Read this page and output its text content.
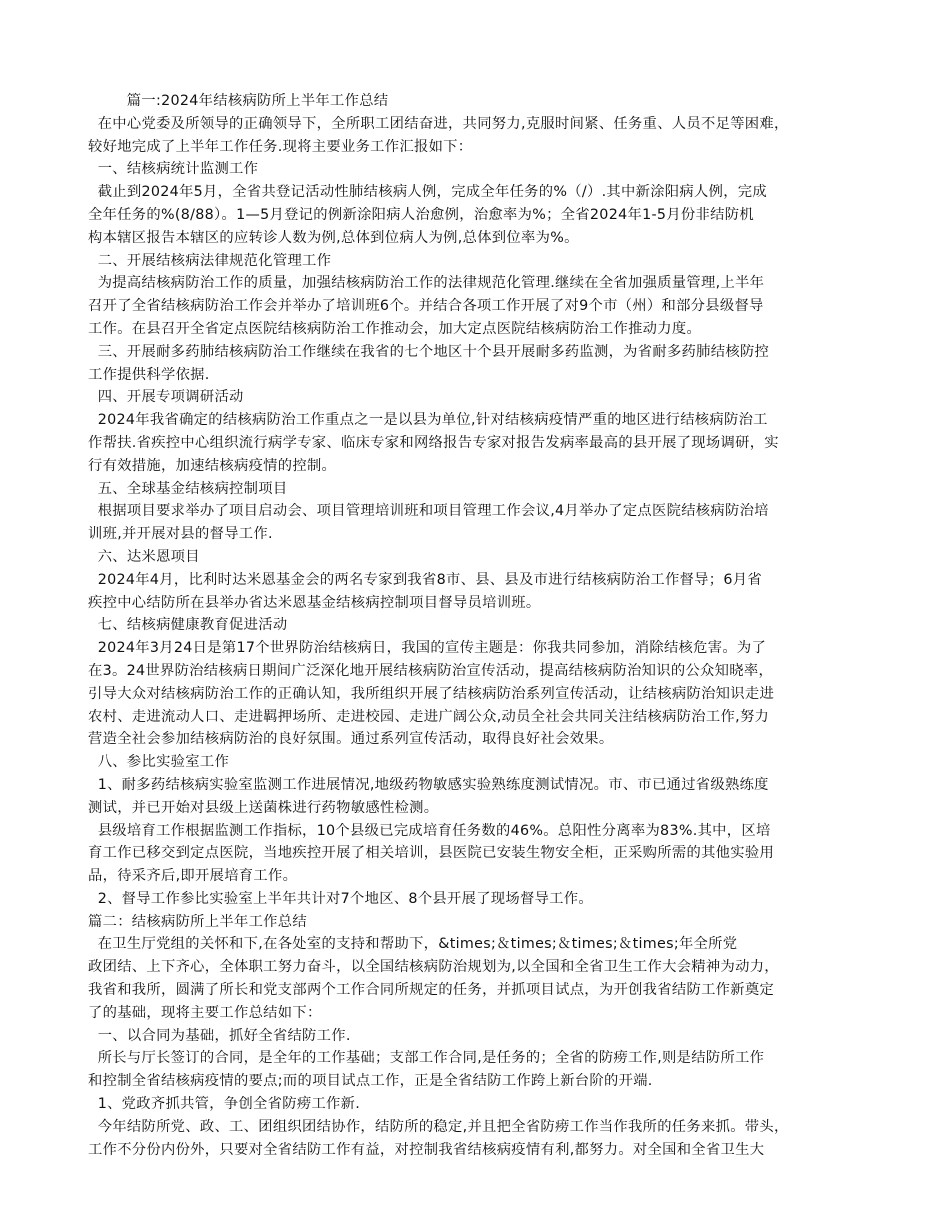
篇一:2024年结核病防所上半年工作总结
在中心党委及所领导的正确领导下，全所职工团结奋进，共同努力,克服时间紧、任务重、人员不足等困难，
较好地完成了上半年工作任务.现将主要业务工作汇报如下：
一、结核病统计监测工作
截止到2024年5月，全省共登记活动性肺结核病人例，完成全年任务的%（/）.其中新涂阳病人例，完成
全年任务的%(8/88）。1—5月登记的例新涂阳病人治愈例，治愈率为%；全省2024年1-5月份非结防机
构本辖区报告本辖区的应转诊人数为例,总体到位病人为例,总体到位率为%。
二、开展结核病法律规范化管理工作
为提高结核病防治工作的质量，加强结核病防治工作的法律规范化管理.继续在全省加强质量管理,上半年
召开了全省结核病防治工作会并举办了培训班6个。并结合各项工作开展了对9个市（州）和部分县级督导
工作。在县召开全省定点医院结核病防治工作推动会，加大定点医院结核病防治工作推动力度。
三、开展耐多药肺结核病防治工作继续在我省的七个地区十个县开展耐多药监测，为省耐多药肺结核防控
工作提供科学依据.
四、开展专项调研活动
2024年我省确定的结核病防治工作重点之一是以县为单位,针对结核病疫情严重的地区进行结核病防治工
作帮扶.省疾控中心组织流行病学专家、临床专家和网络报告专家对报告发病率最高的县开展了现场调研，实
行有效措施，加速结核病疫情的控制。
五、全球基金结核病控制项目
根据项目要求举办了项目启动会、项目管理培训班和项目管理工作会议,4月举办了定点医院结核病防治培
训班,并开展对县的督导工作.
六、达米恩项目
2024年4月，比利时达米恩基金会的两名专家到我省8市、县、县及市进行结核病防治工作督导；6月省
疾控中心结防所在县举办省达米恩基金结核病控制项目督导员培训班。
七、结核病健康教育促进活动
2024年3月24日是第17个世界防治结核病日，我国的宣传主题是：你我共同参加，消除结核危害。为了
在3。24世界防治结核病日期间广泛深化地开展结核病防治宣传活动，提高结核病防治知识的公众知晓率，
引导大众对结核病防治工作的正确认知，我所组织开展了结核病防治系列宣传活动，让结核病防治知识走进
农村、走进流动人口、走进羁押场所、走进校园、走进广阔公众,动员全社会共同关注结核病防治工作,努力
营造全社会参加结核病防治的良好氛围。通过系列宣传活动，取得良好社会效果。
八、参比实验室工作
1、耐多药结核病实验室监测工作进展情况,地级药物敏感实验熟练度测试情况。市、市已通过省级熟练度
测试，并已开始对县级上送菌株进行药物敏感性检测。
县级培育工作根据监测工作指标，10个县级已完成培育任务数的46%。总阳性分离率为83%.其中，区培
育工作已移交到定点医院，当地疾控开展了相关培训，县医院已安装生物安全柜，正采购所需的其他实验用
品，待采齐后,即开展培育工作。
2、督导工作参比实验室上半年共计对7个地区、8个县开展了现场督导工作。
篇二：结核病防所上半年工作总结
在卫生厅党组的关怀和下,在各处室的支持和帮助下，&times;＆times;＆times;＆times;年全所党
政团结、上下齐心，全体职工努力奋斗，以全国结核病防治规划为,以全国和全省卫生工作大会精神为动力，
我省和我所，圆满了所长和党支部两个工作合同所规定的任务，并抓项目试点，为开创我省结防工作新奠定
了的基础，现将主要工作总结如下：
一、以合同为基础，抓好全省结防工作.
所长与厅长签订的合同，是全年的工作基础；支部工作合同,是任务的；全省的防痨工作,则是结防所工作
和控制全省结核病疫情的要点;而的项目试点工作，正是全省结防工作跨上新台阶的开端.
1、党政齐抓共管，争创全省防痨工作新.
今年结防所党、政、工、团组织团结协作，结防所的稳定,并且把全省防痨工作当作我所的任务来抓。带头，
工作不分份内份外，只要对全省结防工作有益，对控制我省结核病疫情有利,都努力。对全国和全省卫生大
